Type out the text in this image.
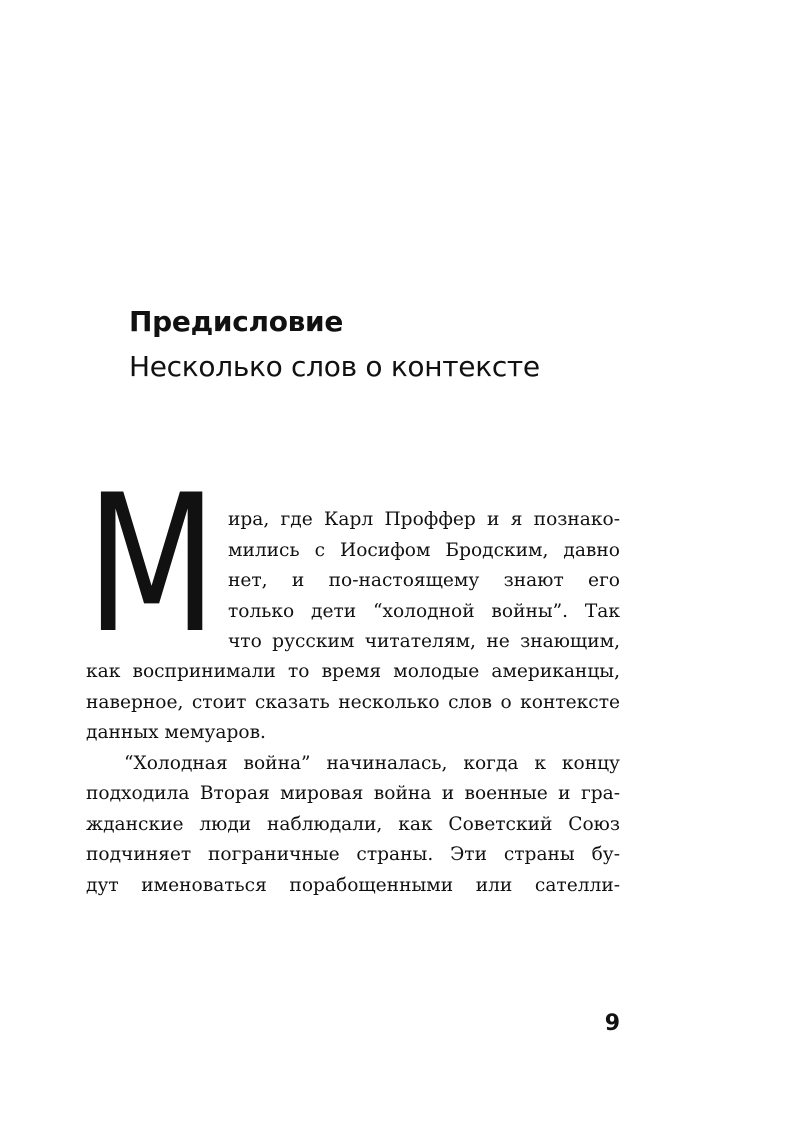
Предисловие
Несколько слов о контексте
М ира, где Карл Проффер и я познако-

мились с Иосифом Бродским, давно

нет, и по-настоящему знают его

только дети “холодной войны”. Так

что русским читателям, не знающим,

как воспринимали то время молодые американцы,

наверное, стоит сказать несколько слов о контексте

данных мемуаров.

“Холодная война” начиналась, когда к концу

подходила Вторая мировая война и военные и гра-

жданские люди наблюдали, как Советский Союз

подчиняет пограничные страны. Эти страны бу-

дут именоваться порабощенными или сателли-

9
